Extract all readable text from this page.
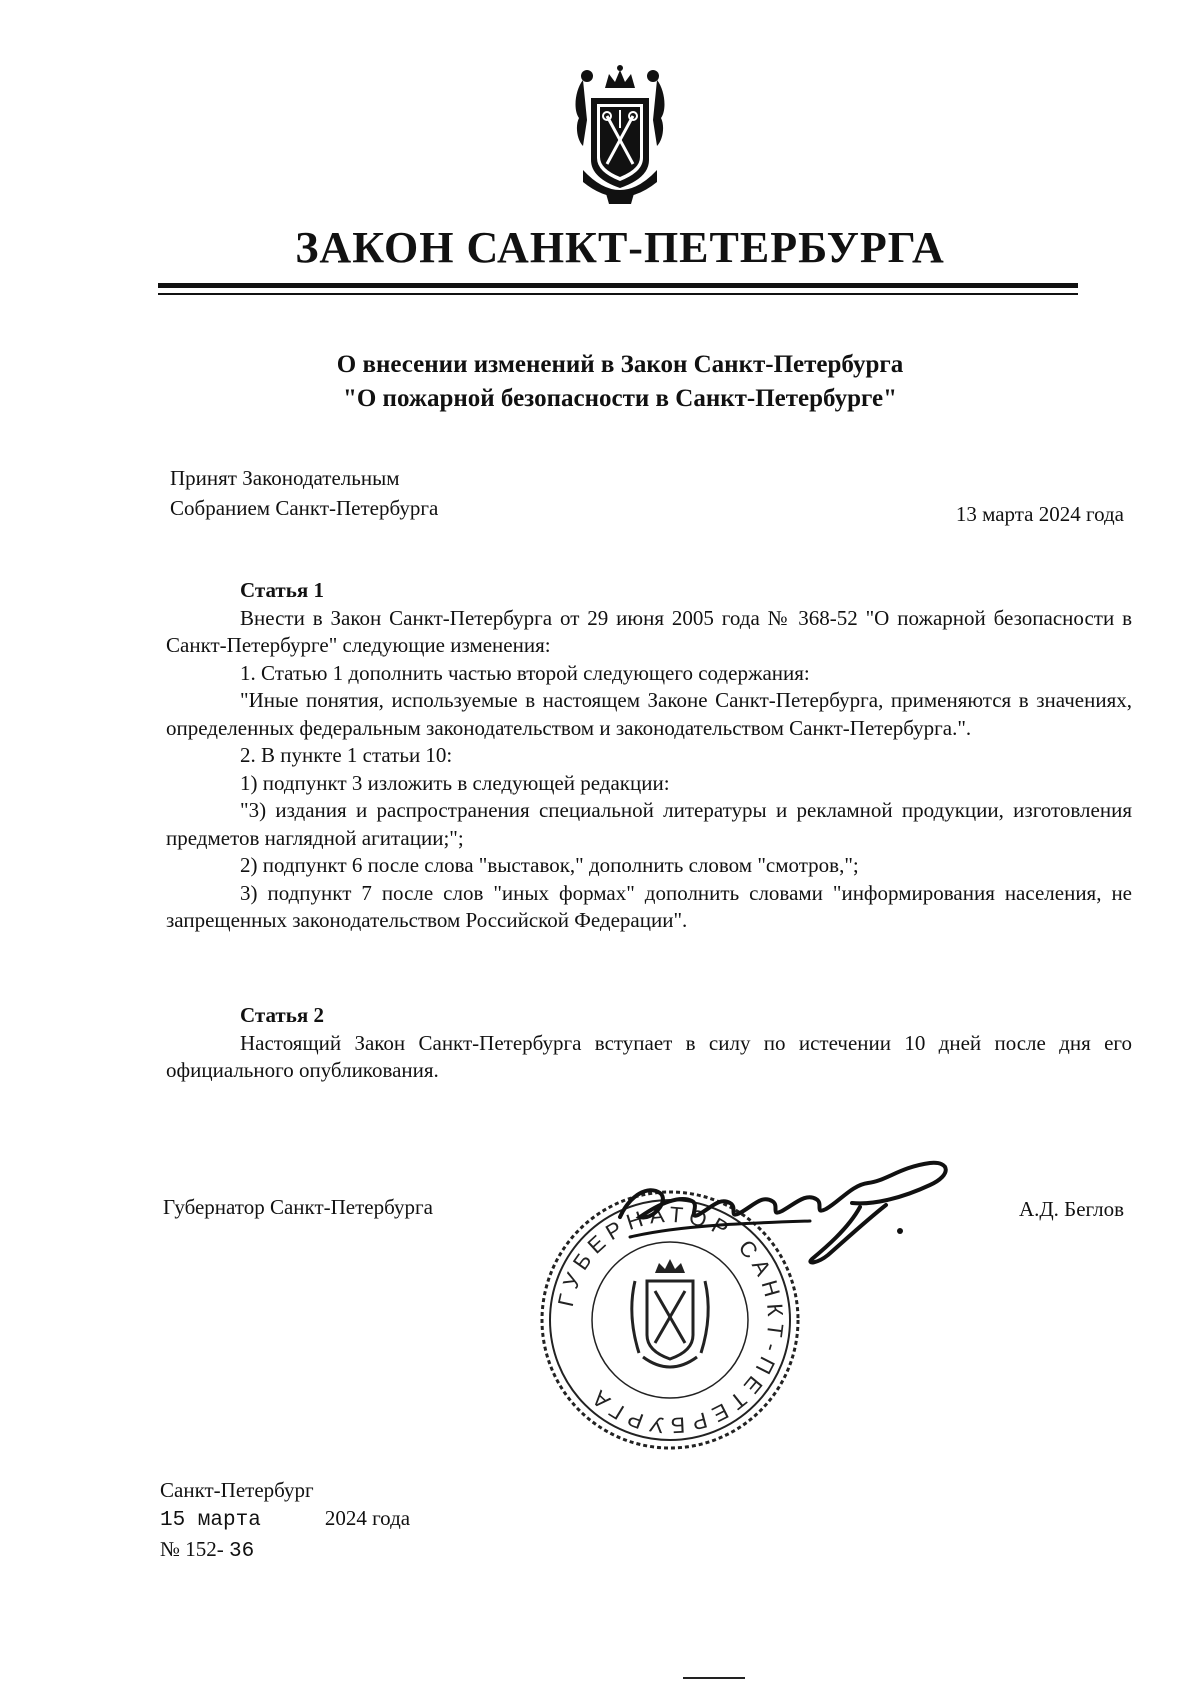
ЗАКОН САНКТ-ПЕТЕРБУРГА
О внесении изменений в Закон Санкт-Петербурга
"О пожарной безопасности в Санкт-Петербурге"
Принят Законодательным
Собранием Санкт-Петербурга	13 марта 2024 года

Статья 1

Внести в Закон Санкт-Петербурга от 29 июня 2005 года № 368-52 "О пожарной безопасности в Санкт-Петербурге" следующие изменения:

1. Статью 1 дополнить частью второй следующего содержания:

"Иные понятия, используемые в настоящем Законе Санкт-Петербурга, применяются в значениях, определенных федеральным законодательством и законодательством Санкт-Петербурга.".

2. В пункте 1 статьи 10:

1) подпункт 3 изложить в следующей редакции:

"3) издания и распространения специальной литературы и рекламной продукции, изготовления предметов наглядной агитации;";

2) подпункт 6 после слова "выставок," дополнить словом "смотров,";

3) подпункт 7 после слов "иных формах" дополнить словами "информирования населения, не запрещенных законодательством Российской Федерации".

Статья 2

Настоящий Закон Санкт-Петербурга вступает в силу по истечении 10 дней после дня его официального опубликования.

Губернатор Санкт-Петербурга	А.Д. Беглов
ГУБЕРНАТОР САНКТ-ПЕТЕРБУРГА
Санкт-Петербург
15 марта	2024 года
№ 152- 36
